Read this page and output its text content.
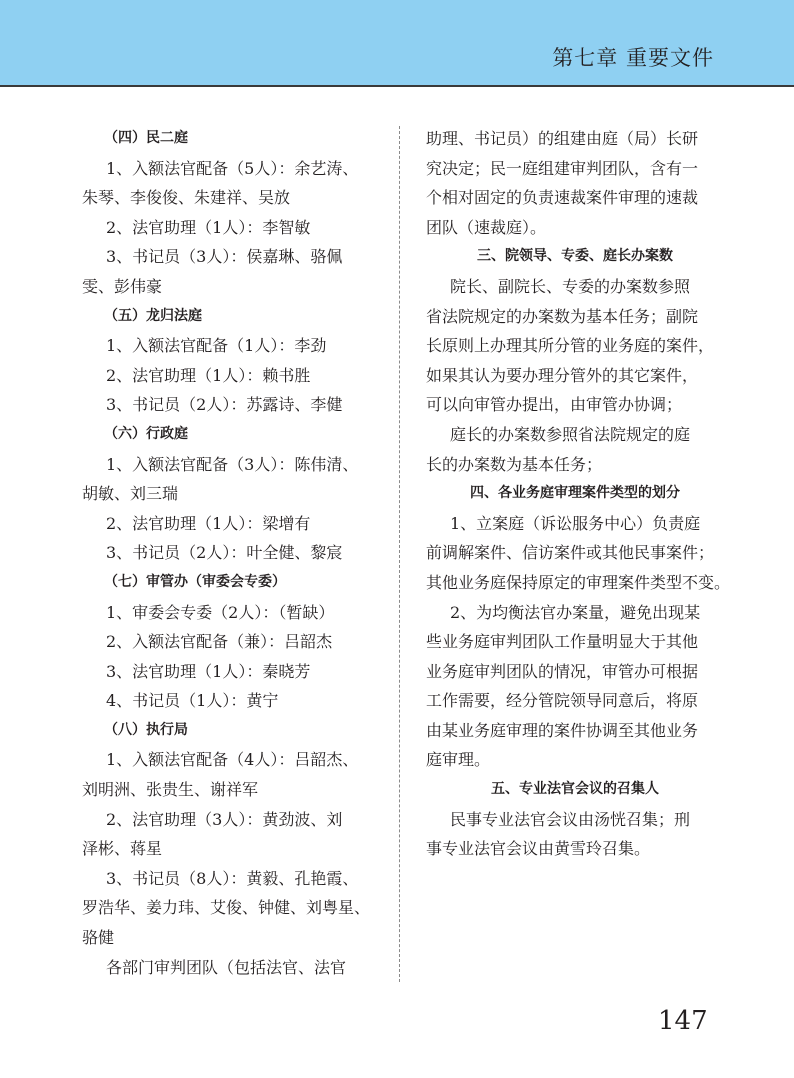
第七章 重要文件

（四）民二庭

1、入额法官配备（5人）：余艺涛、

朱琴、李俊俊、朱建祥、吴放

2、法官助理（1人）：李智敏

3、书记员（3人）：侯嘉琳、骆佩

雯、彭伟豪

（五）龙归法庭

1、入额法官配备（1人）：李劲

2、法官助理（1人）：赖书胜

3、书记员（2人）：苏露诗、李健

（六）行政庭

1、入额法官配备（3人）：陈伟清、

胡敏、刘三瑞

2、法官助理（1人）：梁增有

3、书记员（2人）：叶全健、黎宸

（七）审管办（审委会专委）

1、审委会专委（2人）：（暂缺）

2、入额法官配备（兼）：吕韶杰

3、法官助理（1人）：秦晓芳

4、书记员（1人）：黄宁

（八）执行局

1、入额法官配备（4人）：吕韶杰、

刘明洲、张贵生、谢祥军

2、法官助理（3人）：黄劲波、刘

泽彬、蒋星

3、书记员（8人）：黄毅、孔艳霞、

罗浩华、姜力玮、艾俊、钟健、刘粤星、

骆健

各部门审判团队（包括法官、法官

助理、书记员）的组建由庭（局）长研

究决定；民一庭组建审判团队，含有一

个相对固定的负责速裁案件审理的速裁

团队（速裁庭）。

三、院领导、专委、庭长办案数

院长、副院长、专委的办案数参照

省法院规定的办案数为基本任务；副院

长原则上办理其所分管的业务庭的案件，

如果其认为要办理分管外的其它案件，

可以向审管办提出，由审管办协调；

庭长的办案数参照省法院规定的庭

长的办案数为基本任务；

四、各业务庭审理案件类型的划分

1、立案庭（诉讼服务中心）负责庭

前调解案件、信访案件或其他民事案件；

其他业务庭保持原定的审理案件类型不变。

2、为均衡法官办案量，避免出现某

些业务庭审判团队工作量明显大于其他

业务庭审判团队的情况，审管办可根据

工作需要，经分管院领导同意后，将原

由某业务庭审理的案件协调至其他业务

庭审理。

五、专业法官会议的召集人

民事专业法官会议由汤恍召集；刑

事专业法官会议由黄雪玲召集。

147
